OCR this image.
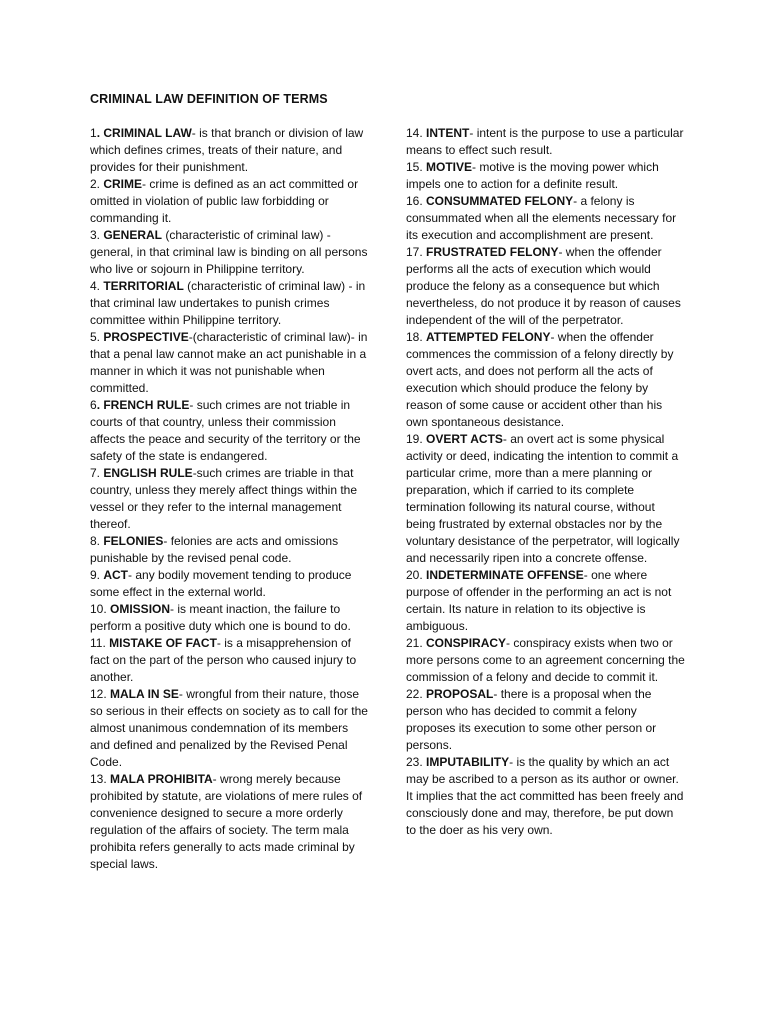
CRIMINAL LAW DEFINITION OF TERMS

1. CRIMINAL LAW- is that branch or division of law which defines crimes, treats of their nature, and provides for their punishment.

2. CRIME- crime is defined as an act committed or omitted in violation of public law forbidding or commanding it.

3. GENERAL (characteristic of criminal law) - general, in that criminal law is binding on all persons who live or sojourn in Philippine territory.

4. TERRITORIAL (characteristic of criminal law) - in that criminal law undertakes to punish crimes committee within Philippine territory.

5. PROSPECTIVE-(characteristic of criminal law)- in that a penal law cannot make an act punishable in a manner in which it was not punishable when committed.

6. FRENCH RULE- such crimes are not triable in courts of that country, unless their commission affects the peace and security of the territory or the safety of the state is endangered.

7. ENGLISH RULE-such crimes are triable in that country, unless they merely affect things within the vessel or they refer to the internal management thereof.

8. FELONIES- felonies are acts and omissions punishable by the revised penal code.

9. ACT- any bodily movement tending to produce some effect in the external world.

10. OMISSION- is meant inaction, the failure to perform a positive duty which one is bound to do.

11. MISTAKE OF FACT- is a misapprehension of fact on the part of the person who caused injury to another.

12. MALA IN SE- wrongful from their nature, those so serious in their effects on society as to call for the almost unanimous condemnation of its members and defined and penalized by the Revised Penal Code.

13. MALA PROHIBITA- wrong merely because prohibited by statute, are violations of mere rules of convenience designed to secure a more orderly regulation of the affairs of society. The term mala prohibita refers generally to acts made criminal by special laws.

14. INTENT- intent is the purpose to use a particular means to effect such result.

15. MOTIVE- motive is the moving power which impels one to action for a definite result.

16. CONSUMMATED FELONY- a felony is consummated when all the elements necessary for its execution and accomplishment are present.

17. FRUSTRATED FELONY- when the offender performs all the acts of execution which would produce the felony as a consequence but which nevertheless, do not produce it by reason of causes independent of the will of the perpetrator.

18. ATTEMPTED FELONY- when the offender commences the commission of a felony directly by overt acts, and does not perform all the acts of execution which should produce the felony by reason of some cause or accident other than his own spontaneous desistance.

19. OVERT ACTS- an overt act is some physical activity or deed, indicating the intention to commit a particular crime, more than a mere planning or preparation, which if carried to its complete termination following its natural course, without being frustrated by external obstacles nor by the voluntary desistance of the perpetrator, will logically and necessarily ripen into a concrete offense.

20. INDETERMINATE OFFENSE- one where purpose of offender in the performing an act is not certain. Its nature in relation to its objective is ambiguous.

21. CONSPIRACY- conspiracy exists when two or more persons come to an agreement concerning the commission of a felony and decide to commit it.

22. PROPOSAL- there is a proposal when the person who has decided to commit a felony proposes its execution to some other person or persons.

23. IMPUTABILITY- is the quality by which an act may be ascribed to a person as its author or owner. It implies that the act committed has been freely and consciously done and may, therefore, be put down to the doer as his very own.
